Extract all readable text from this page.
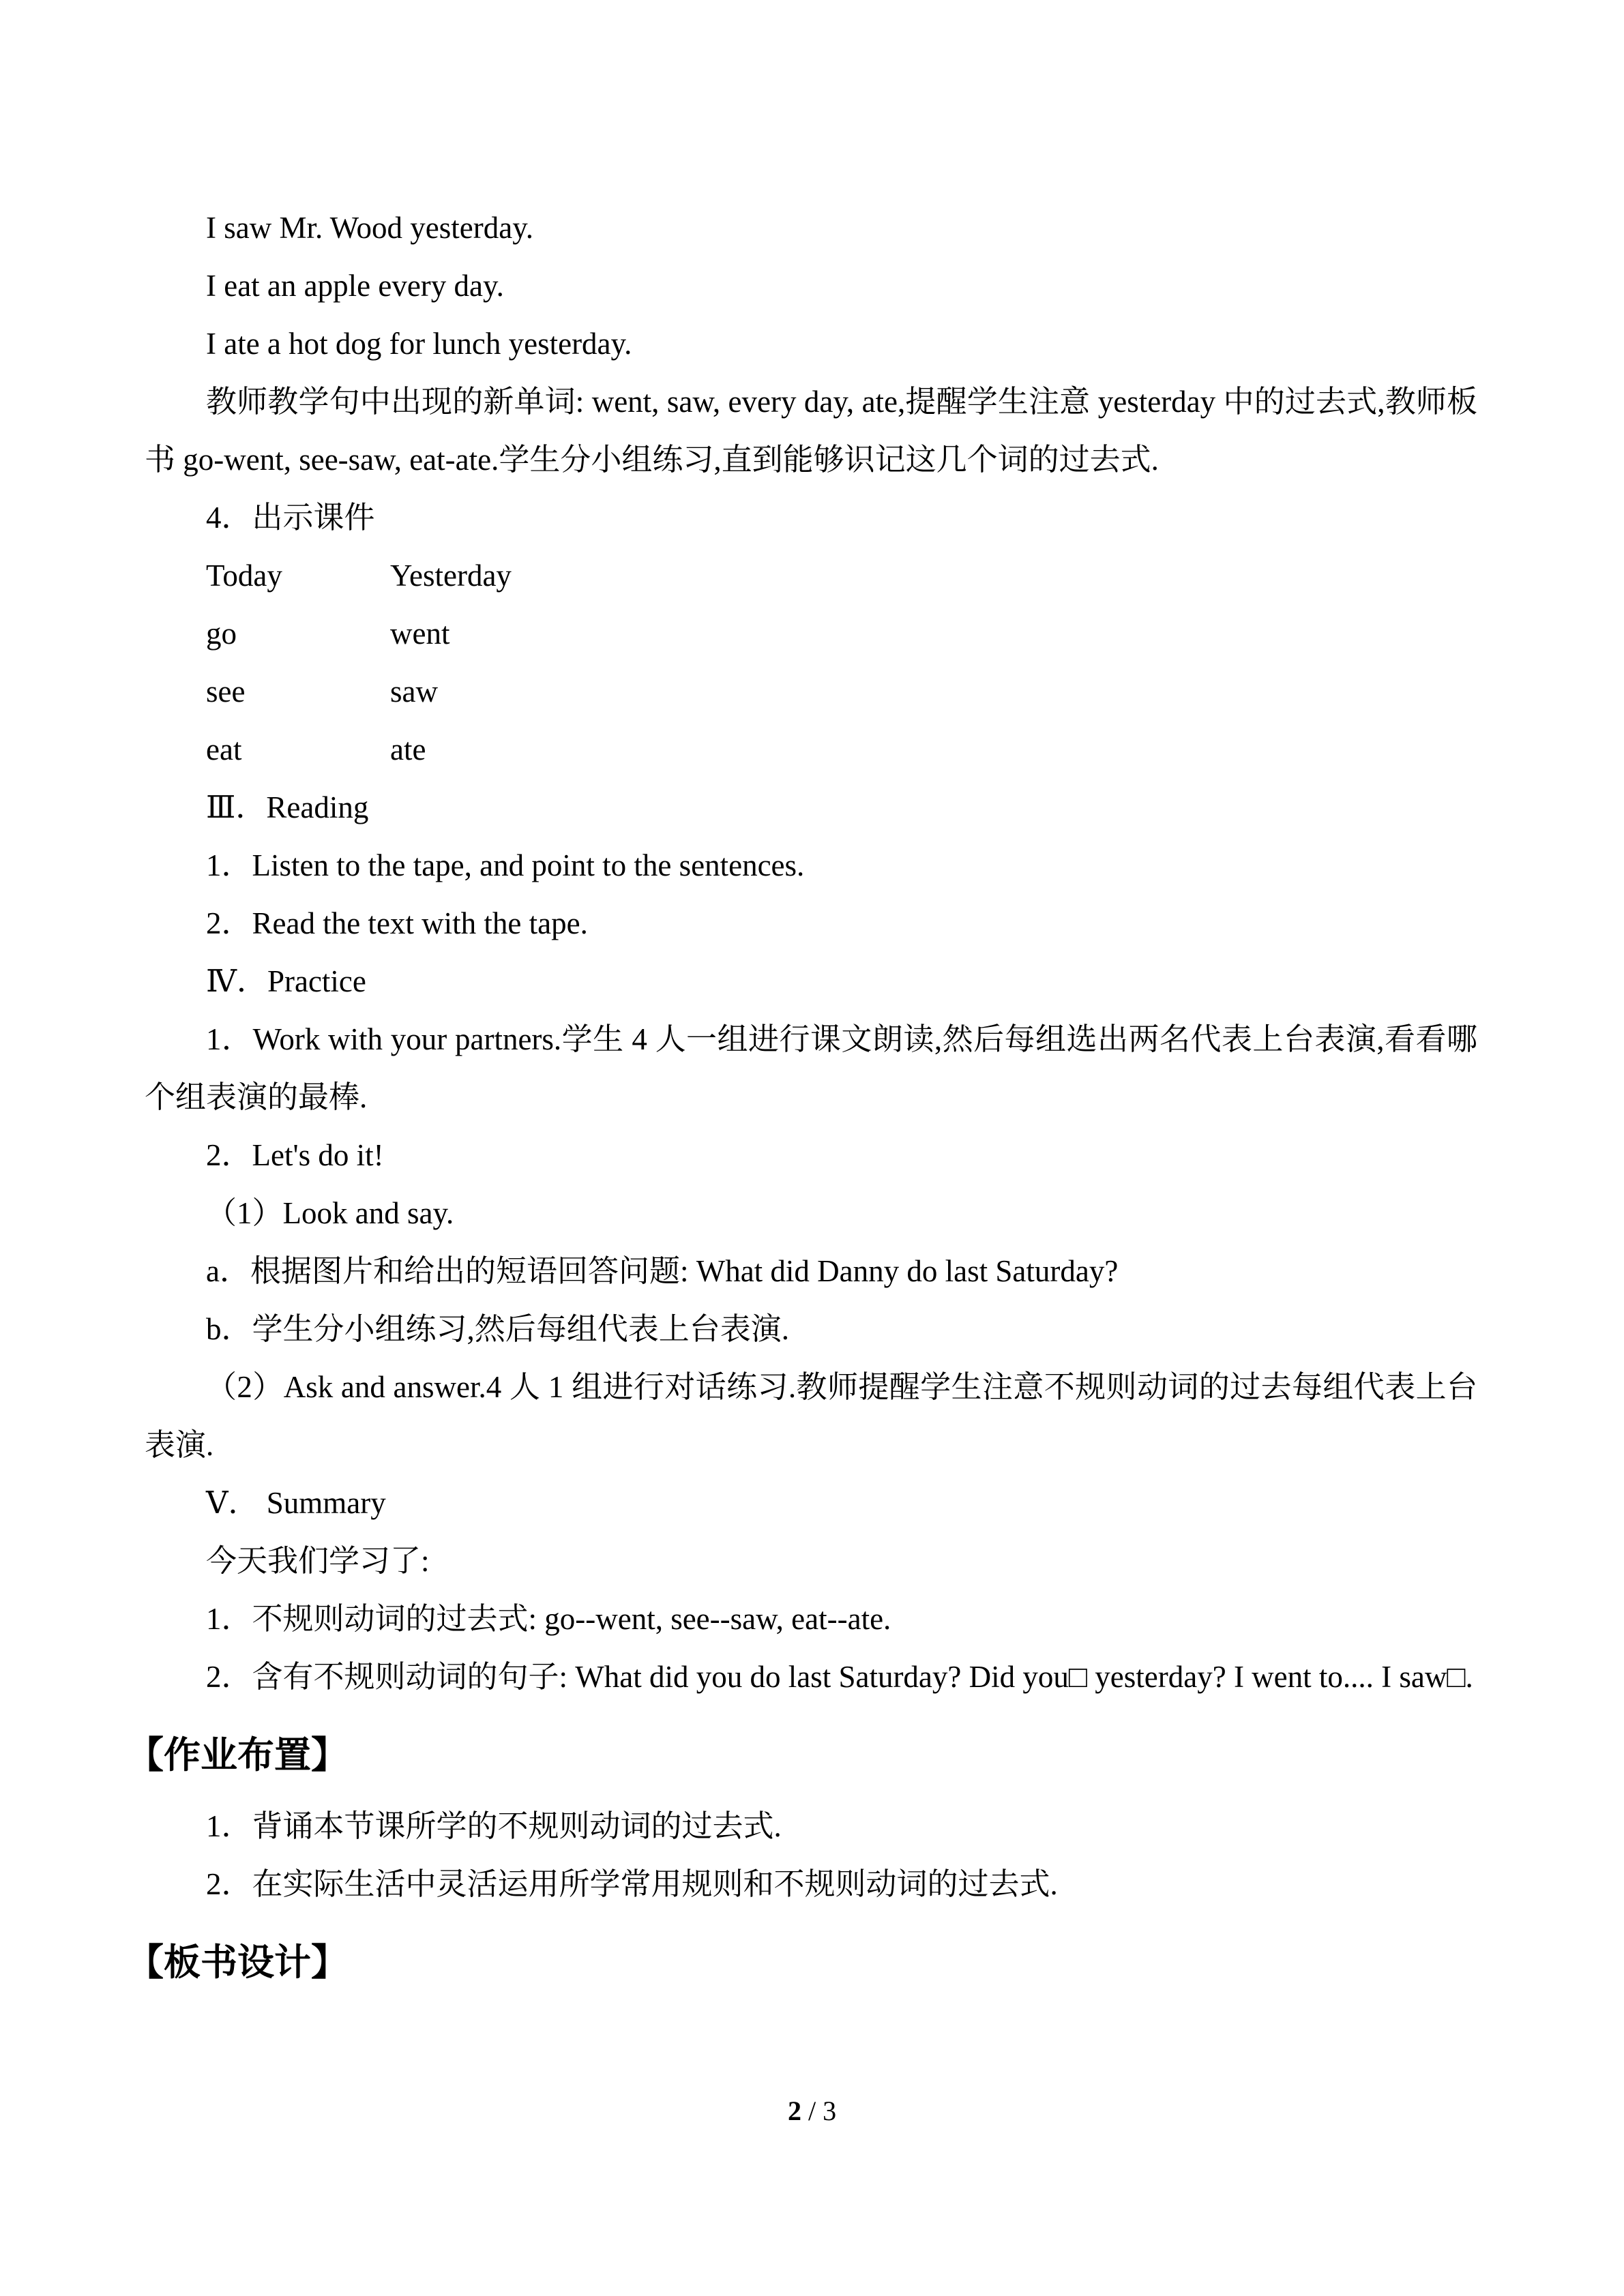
I saw Mr. Wood yesterday.

I eat an apple every day.

I ate a hot dog for lunch yesterday.

教师教学句中出现的新单词: went, saw, every day, ate,提醒学生注意 yesterday 中的过去式,教师板书 go-went, see-saw, eat-ate.学生分小组练习,直到能够识记这几个词的过去式.

4．出示课件

Today	Yesterday

go	went

see	saw

eat	ate

Ⅲ．Reading

1．Listen to the tape, and point to the sentences.

2．Read the text with the tape.

Ⅳ．Practice

1．Work with your partners.学生 4 人一组进行课文朗读,然后每组选出两名代表上台表演,看看哪个组表演的最棒.

2．Let's do it!

（1）Look and say.

a．根据图片和给出的短语回答问题: What did Danny do last Saturday?

b．学生分小组练习,然后每组代表上台表演.

（2）Ask and answer.4 人 1 组进行对话练习.教师提醒学生注意不规则动词的过去每组代表上台表演.

Ⅴ． Summary

今天我们学习了:

1．不规则动词的过去式: go--went, see--saw, eat--ate.

2．含有不规则动词的句子: What did you do last Saturday? Did you□ yesterday? I went to.... I saw□.

【作业布置】

1．背诵本节课所学的不规则动词的过去式.

2．在实际生活中灵活运用所学常用规则和不规则动词的过去式.

【板书设计】

2 / 3
